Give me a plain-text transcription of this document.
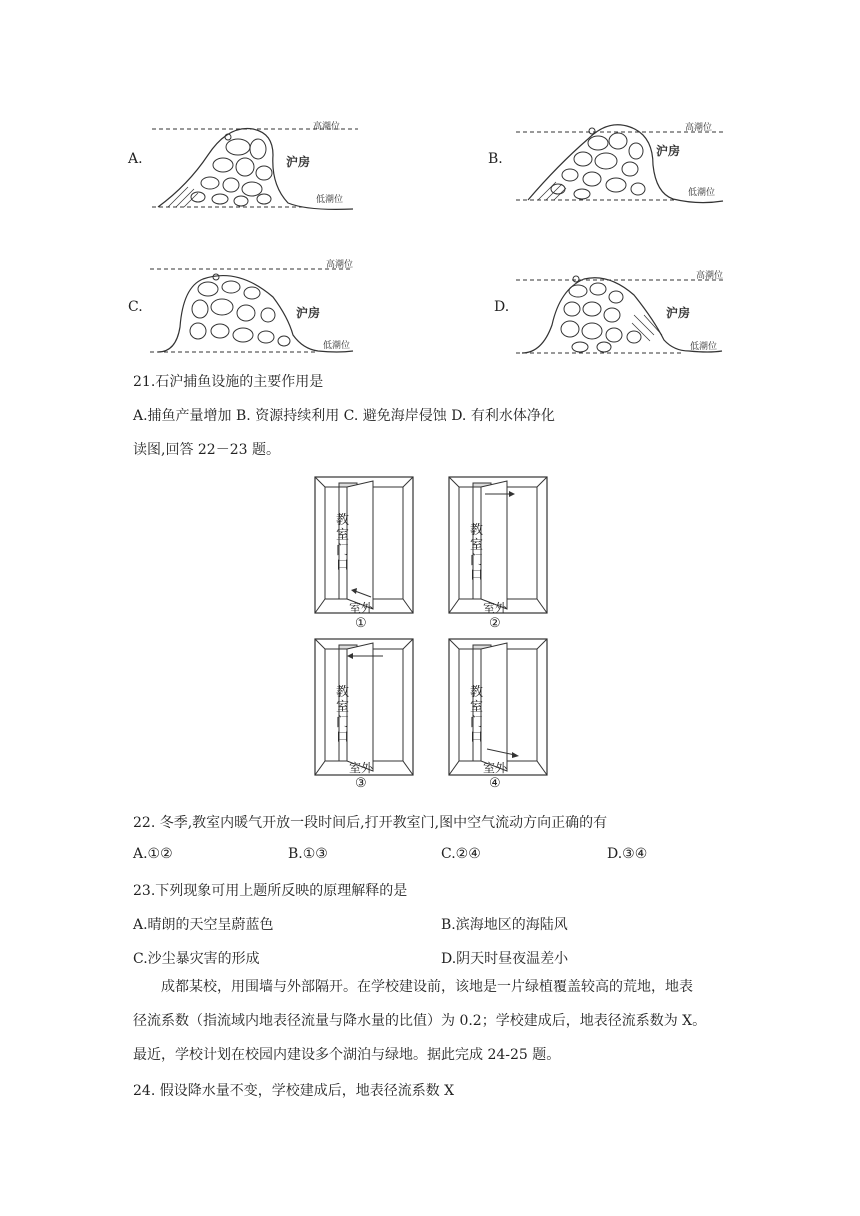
A.
高潮位
低潮位
沪房	B.
高潮位
低潮位
沪房
C.
高潮位
低潮位
沪房	D.
高潮位
低潮位
沪房
21.石沪捕鱼设施的主要作用是
A.捕鱼产量增加 B. 资源持续利用 C. 避免海岸侵蚀 D. 有利水体净化
读图,回答 22－23 题。
教室门口
室外
①
教室门口
室外
②
教室门口
室外
③
教室门口
室外
④
22. 冬季,教室内暖气开放一段时间后,打开教室门,图中空气流动方向正确的有
A.①②	B.①③	C.②④	D.③④
23.下列现象可用上题所反映的原理解释的是
A.晴朗的天空呈蔚蓝色	B.滨海地区的海陆风
C.沙尘暴灾害的形成	D.阴天时昼夜温差小
成都某校，用围墙与外部隔开。在学校建设前，该地是一片绿植覆盖较高的荒地，地表
径流系数（指流域内地表径流量与降水量的比值）为 0.2；学校建成后，地表径流系数为 X。
最近，学校计划在校园内建设多个湖泊与绿地。据此完成 24-25 题。
24. 假设降水量不变，学校建成后，地表径流系数 X
